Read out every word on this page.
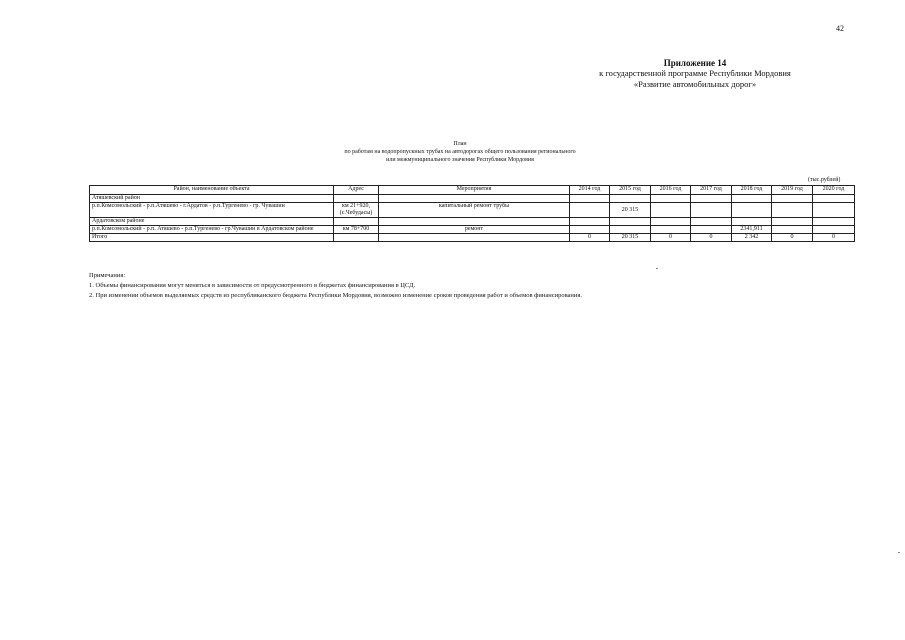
42
Приложение 14
к государственной программе Республики Мордовия
«Развитие автомобильных дорог»
План
по работам на водопропускных трубах на автодорогах общего пользования регионального
или межмуниципального значения Республики Мордовия
(тыс.рублей)
Район, наименование объекта	Адрес	Мероприятия	2014 год	2015 год	2016 год	2017 год	2018 год	2019 год	2020 год
Атяшевский район									
р.п.Комсомольский - р.п.Атяшево - г.Ардатов - р.п.Тургенево - гр. Чувашии	км 21+920, (с.Чебудасы)	капитальный ремонт трубы		20 315					
Ардатовском районе									
р.п.Комсомольский - р.п. Атяшево - р.п.Тургенево - гр.Чувашии в Ардатовском районе	км 78+700	ремонт					2341,911		
Итого			0	20 315	0	0	2 342	0	0
Примечания:
1. Объемы финансирования могут меняться в зависимости от предусмотренного в бюджетах финансирования в ЦСД.
2. При изменении объемов выделяемых средств из республиканского бюджета Республики Мордовия, возможно изменение сроков проведения работ и объемов финансирования.
